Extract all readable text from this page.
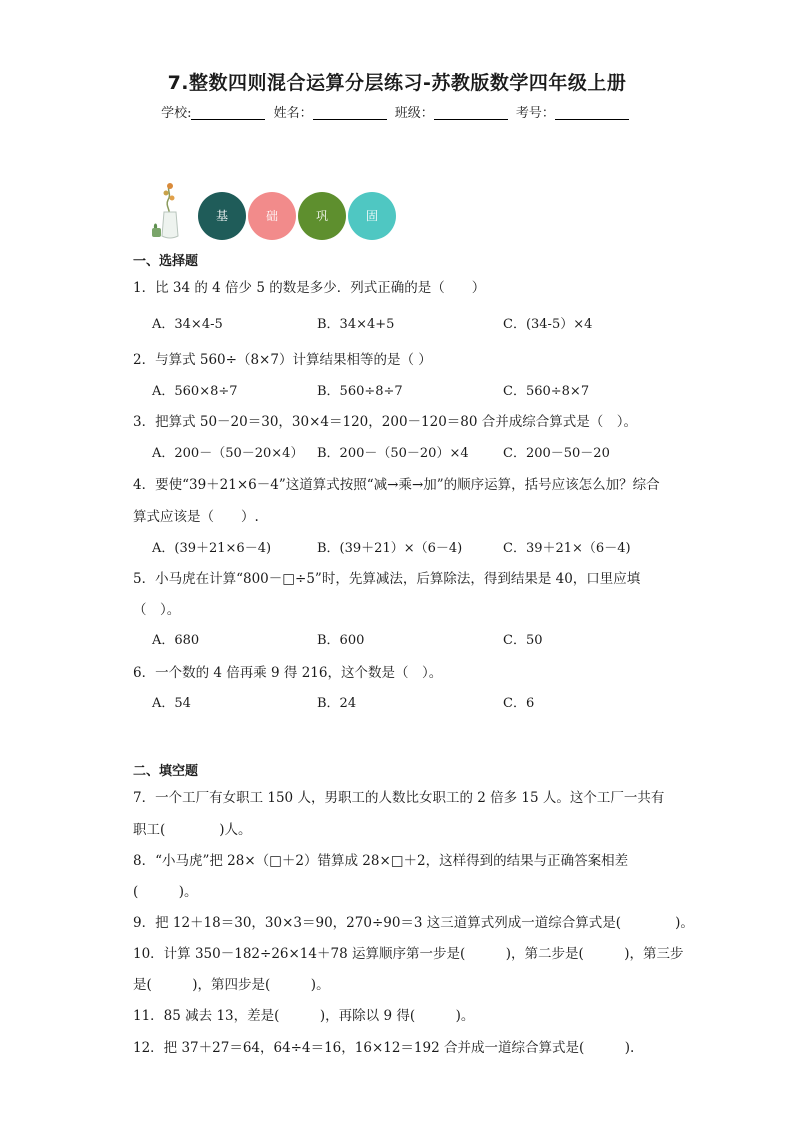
7.整数四则混合运算分层练习-苏教版数学四年级上册
学校:	姓名：	班级：	考号：
基	础	巩	固
一、选择题
1．比 34 的 4 倍少 5 的数是多少．列式正确的是（　　）
A．34×4-5	B．34×4+5	C．(34-5）×4
2．与算式 560÷（8×7）计算结果相等的是（ ）
A．560×8÷7	B．560÷8÷7	C．560÷8×7
3．把算式 50－20＝30，30×4＝120，200－120＝80 合并成综合算式是（　）。
A．200－（50－20×4） B．200－（50－20）×4	C．200－50－20
4．要使“39＋21×6－4”这道算式按照“减→乘→加”的顺序运算，括号应该怎么加？综合
算式应该是（　　）.
A．(39＋21×6－4)	B．(39＋21）×（6－4)	C．39＋21×（6－4)
5．小马虎在计算“800－□÷5”时，先算减法，后算除法，得到结果是 40，口里应填
（　）。
A．680	B．600	C．50
6．一个数的 4 倍再乘 9 得 216，这个数是（　）。
A．54	B．24	C．6
二、填空题
7．一个工厂有女职工 150 人，男职工的人数比女职工的 2 倍多 15 人。这个工厂一共有
职工(　　　　)人。
8．“小马虎”把 28×（□＋2）错算成 28×□＋2，这样得到的结果与正确答案相差
(　　　)。
9．把 12＋18＝30，30×3＝90，270÷90＝3 这三道算式列成一道综合算式是(　　　　)。
10．计算 350－182÷26×14＋78 运算顺序第一步是(　　　)，第二步是(　　　)，第三步
是(　　　)，第四步是(　　　)。
11．85 减去 13，差是(　　　)，再除以 9 得(　　　)。
12．把 37＋27＝64，64÷4＝16，16×12＝192 合并成一道综合算式是(　　　).
